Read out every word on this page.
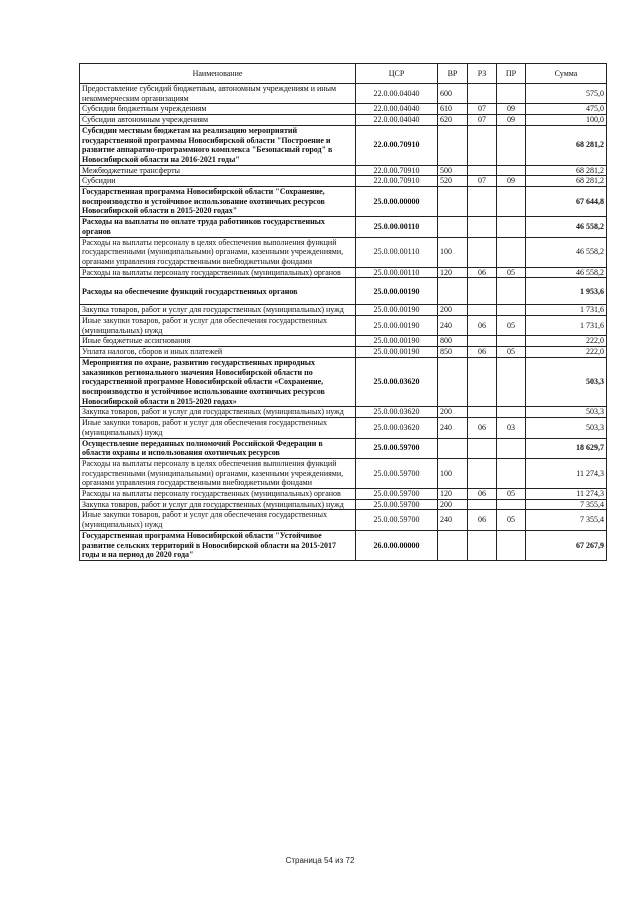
Наименование	ЦСР	ВР	РЗ	ПР	Сумма
Предоставление субсидий бюджетным, автономным учреждениям и иным некоммерческим организациям	22.0.00.04040	600			575,0
Субсидии бюджетным учреждениям	22.0.00.04040	610	07	09	475,0
Субсидии автономным учреждениям	22.0.00.04040	620	07	09	100,0
Субсидии местным бюджетам на реализацию мероприятий государственной программы Новосибирской области "Построение и развитие аппаратно-программного комплекса "Безопасный город" в Новосибирской области на 2016-2021 годы"	22.0.00.70910				68 281,2
Межбюджетные трансферты	22.0.00.70910	500			68 281,2
Субсидии	22.0.00.70910	520	07	09	68 281,2
Государственная программа Новосибирской области "Сохранение, воспроизводство и устойчивое использование охотничьих ресурсов Новосибирской области в 2015-2020 годах"	25.0.00.00000				67 644,8
Расходы на выплаты по оплате труда работников государственных органов	25.0.00.00110				46 558,2
Расходы на выплаты персоналу в целях обеспечения выполнения функций государственными (муниципальными) органами, казенными учреждениями, органами управления государственными внебюджетными фондами	25.0.00.00110	100			46 558,2
Расходы на выплаты персоналу государственных (муниципальных) органов	25.0.00.00110	120	06	05	46 558,2
Расходы на обеспечение функций государственных органов	25.0.00.00190				1 953,6
Закупка товаров, работ и услуг для государственных (муниципальных) нужд	25.0.00.00190	200			1 731,6
Иные закупки товаров, работ и услуг для обеспечения государственных (муниципальных) нужд	25.0.00.00190	240	06	05	1 731,6
Иные бюджетные ассигнования	25.0.00.00190	800			222,0
Уплата налогов, сборов и иных платежей	25.0.00.00190	850	06	05	222,0
Мероприятия по охране, развитию государственных природных заказников регионального значения Новосибирской области по государственной программе Новосибирской области «Сохранение, воспроизводство и устойчивое использование охотничьих ресурсов Новосибирской области в 2015-2020 годах»	25.0.00.03620				503,3
Закупка товаров, работ и услуг для государственных (муниципальных) нужд	25.0.00.03620	200			503,3
Иные закупки товаров, работ и услуг для обеспечения государственных (муниципальных) нужд	25.0.00.03620	240	06	03	503,3
Осуществление переданных полномочий Российской Федерации в области охраны и использования охотничьих ресурсов	25.0.00.59700				18 629,7
Расходы на выплаты персоналу в целях обеспечения выполнения функций государственными (муниципальными) органами, казенными учреждениями, органами управления государственными внебюджетными фондами	25.0.00.59700	100			11 274,3
Расходы на выплаты персоналу государственных (муниципальных) органов	25.0.00.59700	120	06	05	11 274,3
Закупка товаров, работ и услуг для государственных (муниципальных) нужд	25.0.00.59700	200			7 355,4
Иные закупки товаров, работ и услуг для обеспечения государственных (муниципальных) нужд	25.0.00.59700	240	06	05	7 355,4
Государственная программа Новосибирской области "Устойчивое развитие сельских территорий в Новосибирской области на 2015-2017 годы и на период до 2020 года"	26.0.00.00000				67 267,9
Страница 54 из 72
